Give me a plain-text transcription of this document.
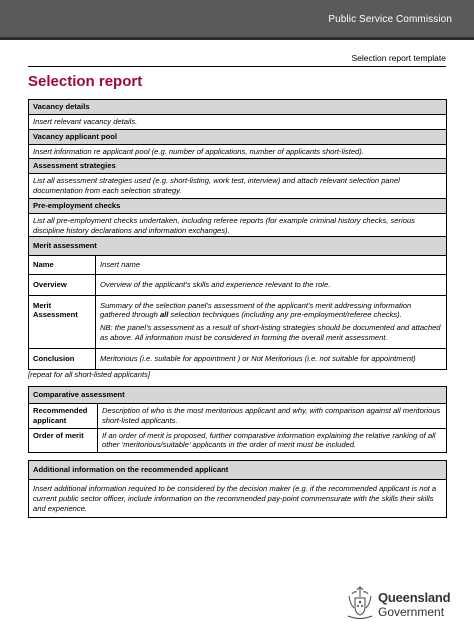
Public Service Commission
Selection report template
Selection report
Vacancy details
Insert relevant vacancy details.
Vacancy applicant pool
Insert information re applicant pool (e.g. number of applications, number of applicants short-listed).
Assessment strategies
List all assessment strategies used (e.g. short-listing, work test, interview) and attach relevant selection panel documentation from each selection strategy.
Pre-employment checks
List all pre-employment checks undertaken, including referee reports (for example criminal history checks, serious discipline history declarations and information exchanges).
Merit assessment	
Name	Insert name
Overview	Overview of the applicant’s skills and experience relevant to the role.
Merit Assessment	Summary of the selection panel’s assessment of the applicant’s merit addressing information gathered through all selection techniques (including any pre-employment/referee checks).
NB: the panel’s assessment as a result of short-listing strategies should be documented and attached as above. All information must be considered in forming the overall merit assessment.

Conclusion	Meritorious (i.e. suitable for appointment ) or Not Meritorious (i.e. not suitable for appointment)
[repeat for all short-listed applicants]
Comparative assessment	
Recommended applicant	Description of who is the most meritorious applicant and why, with comparison against all meritorious short-listed applicants.
Order of merit	If an order of merit is proposed, further comparative information explaining the relative ranking of all other ‘meritorious/suitable’ applicants in the order of merit must be included.
Additional information on the recommended applicant
Insert additional information required to be considered by the decision maker (e.g. if the recommended applicant is not a current public sector officer, include information on the recommended pay-point commensurate with the skills their skills and experience.
Queensland
Government
